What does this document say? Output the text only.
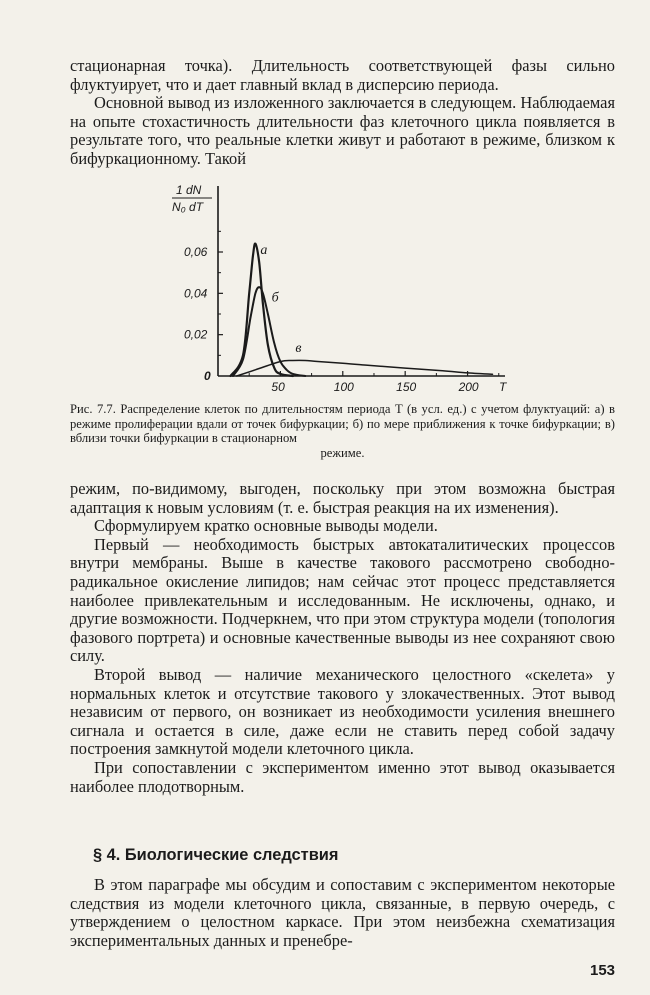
стационарная точка). Длительность соответствующей фазы сильно флуктуирует, что и дает главный вклад в дисперсию периода.

Основной вывод из изложенного заключается в следующем. Наблюдаемая на опыте стохастичность длительности фаз клеточного цикла появляется в результате того, что реальные клетки живут и работают в режиме, близком к бифуркационному. Такой

0,02
0,04
0,06
50	100	150	200
1 dN
N₀ dT
0
T
а
б
в

Рис. 7.7. Распределение клеток по длительностям периода T (в усл. ед.) с учетом флуктуаций: а) в режиме пролиферации вдали от точек бифуркации; б) по мере приближения к точке бифуркации; в) вблизи точки бифуркации в стационарном

режиме.

режим, по-видимому, выгоден, поскольку при этом возможна быстрая адаптация к новым условиям (т. е. быстрая реакция на их изменения).

Сформулируем кратко основные выводы модели.

Первый — необходимость быстрых автокаталитических процессов внутри мембраны. Выше в качестве такового рассмотрено свободно-радикальное окисление липидов; нам сейчас этот процесс представляется наиболее привлекательным и исследованным. Не исключены, однако, и другие возможности. Подчеркнем, что при этом структура модели (топология фазового портрета) и основные качественные выводы из нее сохраняют свою силу.

Второй вывод — наличие механического целостного «скелета» у нормальных клеток и отсутствие такового у злокачественных. Этот вывод независим от первого, он возникает из необходимости усиления внешнего сигнала и остается в силе, даже если не ставить перед собой задачу построения замкнутой модели клеточного цикла.

При сопоставлении с экспериментом именно этот вывод оказывается наиболее плодотворным.

§ 4. Биологические следствия

В этом параграфе мы обсудим и сопоставим с экспериментом некоторые следствия из модели клеточного цикла, связанные, в первую очередь, с утверждением о целостном каркасе. При этом неизбежна схематизация экспериментальных данных и пренебре-

153
